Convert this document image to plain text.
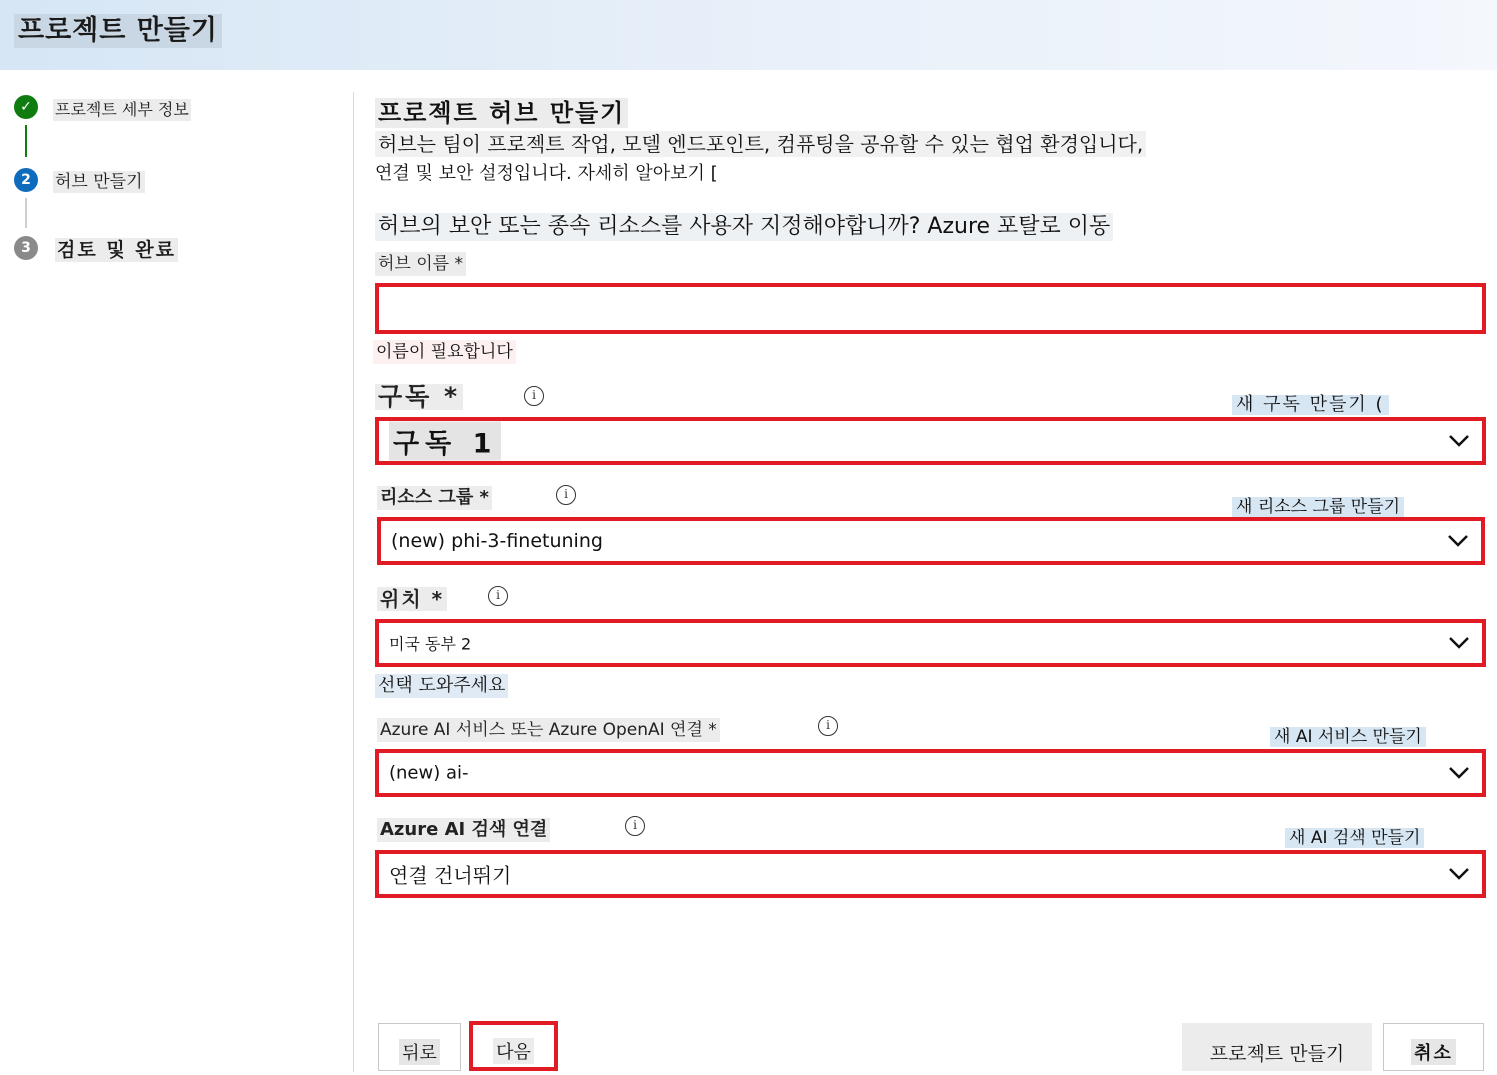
프로젝트 만들기
✓	프로젝트 세부 정보
2	허브 만들기
3	검토 및 완료
프로젝트 허브 만들기
허브는 팀이 프로젝트 작업, 모델 엔드포인트, 컴퓨팅을 공유할 수 있는 협업 환경입니다,
연결 및 보안 설정입니다. 자세히 알아보기 [
허브의 보안 또는 종속 리소스를 사용자 지정해야합니까? Azure 포탈로 이동
허브 이름 *
이름이 필요합니다
구독 *	i	새 구독 만들기 (
구독 1
리소스 그룹 *	i
새 리소스 그룹 만들기
(new) phi-3-finetuning
위치 *	i
미국 동부 2
선택 도와주세요
Azure AI 서비스 또는 Azure OpenAI 연결 *	i
새 AI 서비스 만들기
(new) ai-
Azure AI 검색 연결	i
새 AI 검색 만들기
연결 건너뛰기
뒤로	다음	프로젝트 만들기	취소
